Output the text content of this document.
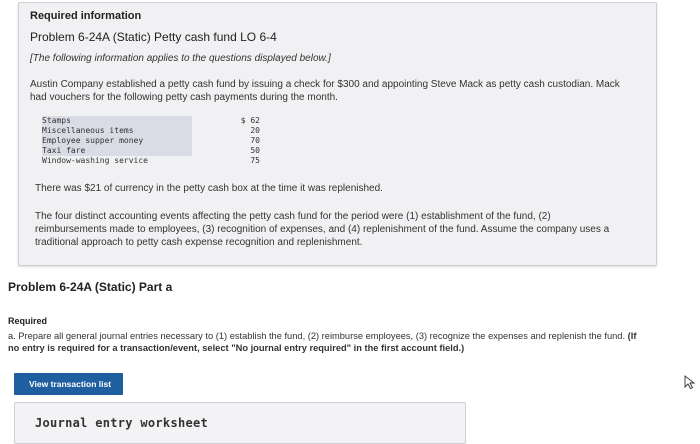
Required information
Problem 6-24A (Static) Petty cash fund LO 6-4
[The following information applies to the questions displayed below.]
Austin Company established a petty cash fund by issuing a check for $300 and appointing Steve Mack as petty cash custodian. Mack had vouchers for the following petty cash payments during the month.
Stamps	$ 62
Miscellaneous items	20
Employee supper money	70
Taxi fare	50
Window-washing service	75
There was $21 of currency in the petty cash box at the time it was replenished.
The four distinct accounting events affecting the petty cash fund for the period were (1) establishment of the fund, (2) reimbursements made to employees, (3) recognition of expenses, and (4) replenishment of the fund. Assume the company uses a traditional approach to petty cash expense recognition and replenishment.
Problem 6-24A (Static) Part a
Required
a. Prepare all general journal entries necessary to (1) establish the fund, (2) reimburse employees, (3) recognize the expenses and replenish the fund. (If no entry is required for a transaction/event, select "No journal entry required" in the first account field.)
View transaction list
Journal entry worksheet
